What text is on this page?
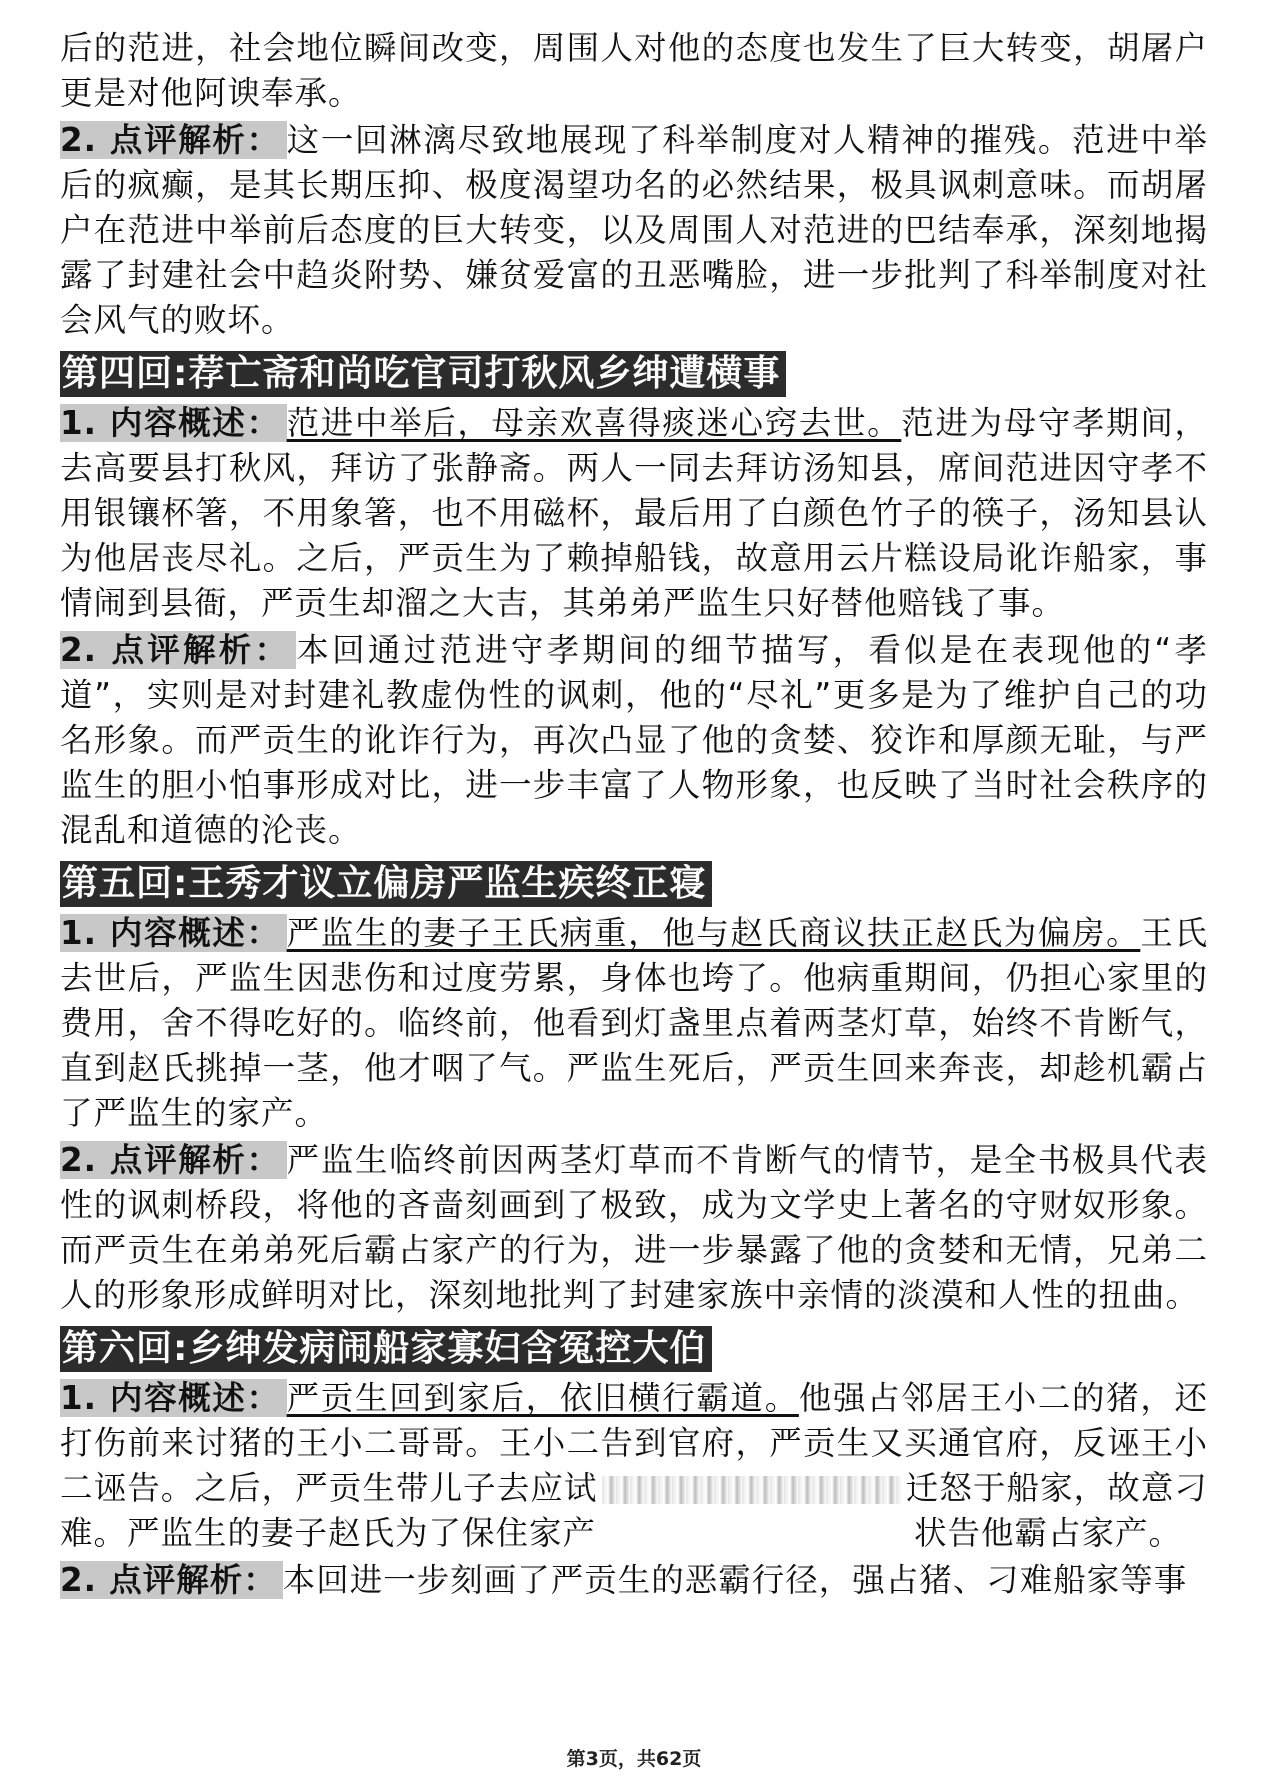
后的范进，社会地位瞬间改变，周围人对他的态度也发生了巨大转变，胡屠户更是对他阿谀奉承。

2. 点评解析： 这一回淋漓尽致地展现了科举制度对人精神的摧残。范进中举后的疯癫，是其长期压抑、极度渴望功名的必然结果，极具讽刺意味。而胡屠户在范进中举前后态度的巨大转变，以及周围人对范进的巴结奉承，深刻地揭露了封建社会中趋炎附势、嫌贫爱富的丑恶嘴脸，进一步批判了科举制度对社会风气的败坏。

第四回:荐亡斋和尚吃官司打秋风乡绅遭横事

1. 内容概述： 范进中举后，母亲欢喜得痰迷心窍去世。范进为母守孝期间，去高要县打秋风，拜访了张静斋。两人一同去拜访汤知县，席间范进因守孝不用银镶杯箸，不用象箸，也不用磁杯，最后用了白颜色竹子的筷子，汤知县认为他居丧尽礼。之后，严贡生为了赖掉船钱，故意用云片糕设局讹诈船家，事情闹到县衙，严贡生却溜之大吉，其弟弟严监生只好替他赔钱了事。

2. 点评解析： 本回通过范进守孝期间的细节描写，看似是在表现他的“孝道”，实则是对封建礼教虚伪性的讽刺，他的“尽礼”更多是为了维护自己的功名形象。而严贡生的讹诈行为，再次凸显了他的贪婪、狡诈和厚颜无耻，与严监生的胆小怕事形成对比，进一步丰富了人物形象，也反映了当时社会秩序的混乱和道德的沦丧。

第五回:王秀才议立偏房严监生疾终正寝

1. 内容概述： 严监生的妻子王氏病重，他与赵氏商议扶正赵氏为偏房。王氏去世后，严监生因悲伤和过度劳累，身体也垮了。他病重期间，仍担心家里的费用，舍不得吃好的。临终前，他看到灯盏里点着两茎灯草，始终不肯断气，直到赵氏挑掉一茎，他才咽了气。严监生死后，严贡生回来奔丧，却趁机霸占了严监生的家产。

2. 点评解析： 严监生临终前因两茎灯草而不肯断气的情节，是全书极具代表性的讽刺桥段，将他的吝啬刻画到了极致，成为文学史上著名的守财奴形象。而严贡生在弟弟死后霸占家产的行为，进一步暴露了他的贪婪和无情，兄弟二人的形象形成鲜明对比，深刻地批判了封建家族中亲情的淡漠和人性的扭曲。

第六回:乡绅发病闹船家寡妇含冤控大伯

1. 内容概述： 严贡生回到家后，依旧横行霸道。他强占邻居王小二的猪，还打伤前来讨猪的王小二哥哥。王小二告到官府，严贡生又买通官府，反诬王小二诬告。之后，严贡生带儿子去应试	迁怒于船家，故意刁难。严监生的妻子赵氏为了保住家产	状告他霸占家产。

2. 点评解析： 本回进一步刻画了严贡生的恶霸行径，强占猪、刁难船家等事

第3页，共62页
